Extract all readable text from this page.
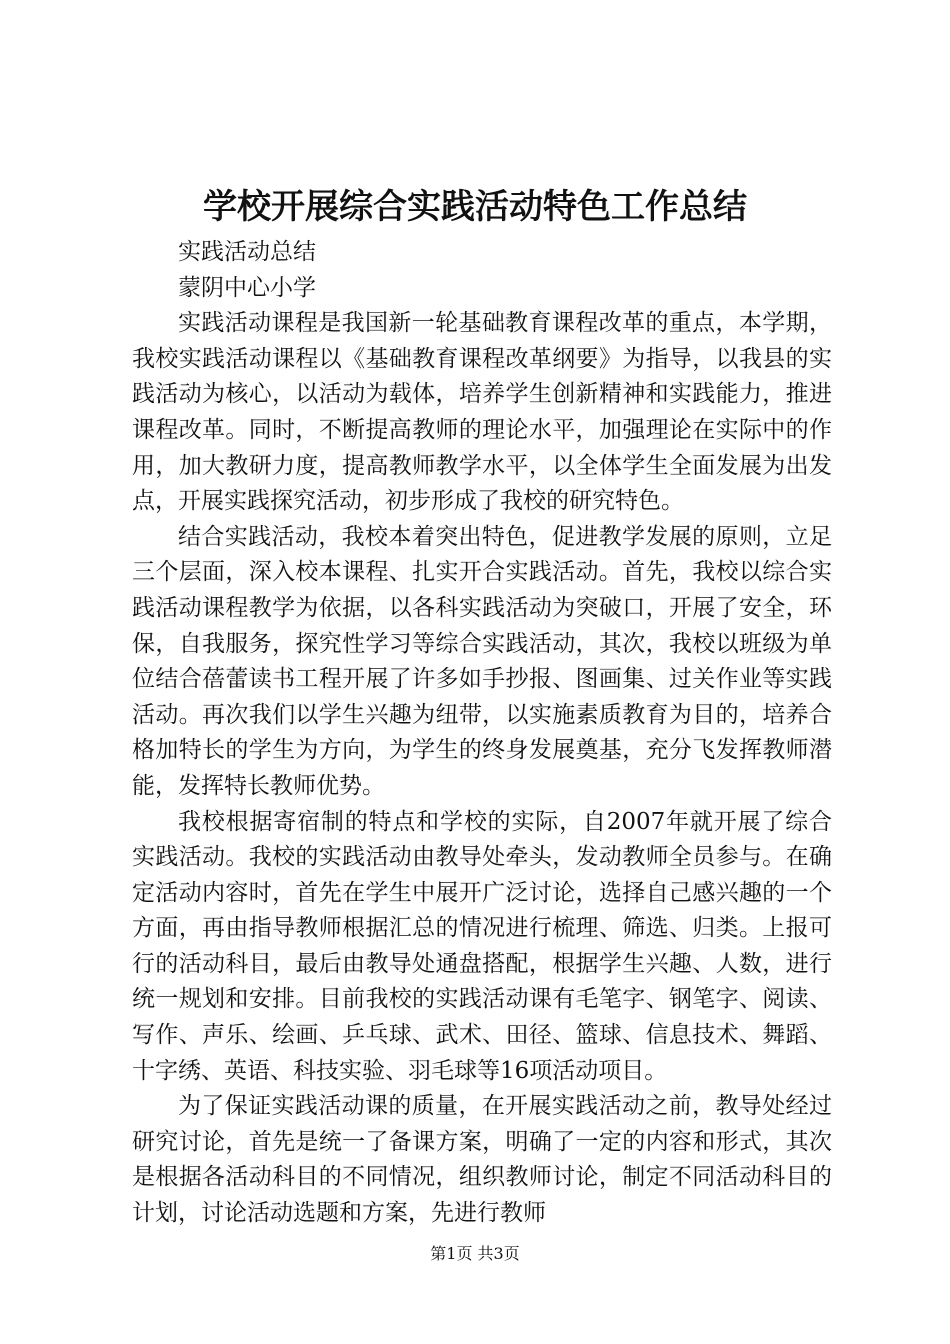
学校开展综合实践活动特色工作总结

实践活动总结

蒙阴中心小学

实践活动课程是我国新一轮基础教育课程改革的重点，本学期，我校实践活动课程以《基础教育课程改革纲要》为指导，以我县的实践活动为核心，以活动为载体，培养学生创新精神和实践能力，推进课程改革。同时，不断提高教师的理论水平，加强理论在实际中的作用，加大教研力度，提高教师教学水平，以全体学生全面发展为出发点，开展实践探究活动，初步形成了我校的研究特色。

结合实践活动，我校本着突出特色，促进教学发展的原则，立足三个层面，深入校本课程、扎实开合实践活动。首先，我校以综合实践活动课程教学为依据，以各科实践活动为突破口，开展了安全，环保，自我服务，探究性学习等综合实践活动，其次，我校以班级为单位结合蓓蕾读书工程开展了许多如手抄报、图画集、过关作业等实践活动。再次我们以学生兴趣为纽带，以实施素质教育为目的，培养合格加特长的学生为方向，为学生的终身发展奠基，充分飞发挥教师潜能，发挥特长教师优势。

我校根据寄宿制的特点和学校的实际，自2007年就开展了综合实践活动。我校的实践活动由教导处牵头，发动教师全员参与。在确定活动内容时，首先在学生中展开广泛讨论，选择自己感兴趣的一个方面，再由指导教师根据汇总的情况进行梳理、筛选、归类。上报可行的活动科目，最后由教导处通盘搭配，根据学生兴趣、人数，进行统一规划和安排。目前我校的实践活动课有毛笔字、钢笔字、阅读、写作、声乐、绘画、乒乓球、武术、田径、篮球、信息技术、舞蹈、十字绣、英语、科技实验、羽毛球等16项活动项目。

为了保证实践活动课的质量，在开展实践活动之前，教导处经过研究讨论，首先是统一了备课方案，明确了一定的内容和形式，其次是根据各活动科目的不同情况，组织教师讨论，制定不同活动科目的计划，讨论活动选题和方案，先进行教师

第1页 共3页
